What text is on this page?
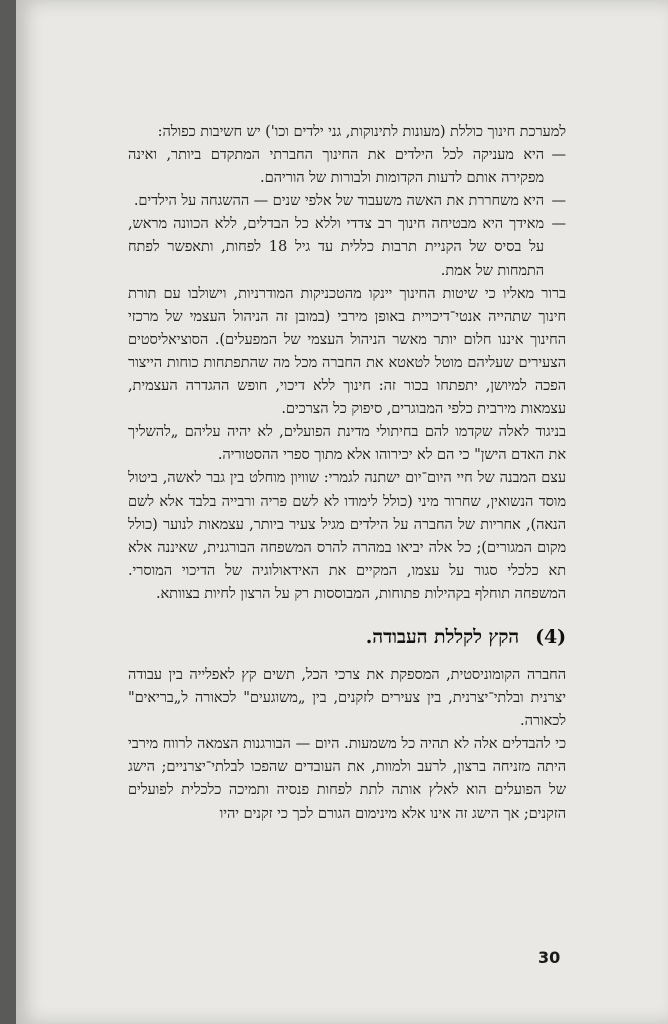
למערכת חינוך כוללת (מעונות לתינוקות, גני ילדים וכו') יש חשיבות כפולה:

—
היא מעניקה לכל הילדים את החינוך החברתי המתקדם ביותר, ואינה מפקירה אותם לדעות הקדומות ולבורות של הוריהם.

—
היא משחררת את האשה משעבוד של אלפי שנים — ההשגחה על הילדים.

—
מאידך היא מבטיחה חינוך רב צדדי וללא כל הבדלים, ללא הכוונה מראש, על בסיס של הקניית תרבות כללית עד גיל 18 לפחות, ותאפשר לפתח התמחות של אמת.

ברור מאליו כי שיטות החינוך יינקו מהטכניקות המודרניות, וישולבו עם תורת חינוך שתהייה אנטי־דיכויית באופן מירבי (במובן זה הניהול העצמי של מרכזי החינוך איננו חלום יותר מאשר הניהול העצמי של המפעלים). הסוציאליסטים הצעירים שעליהם מוטל לטאטא את החברה מכל מה שהתפתחות כוחות הייצור הפכה למיושן, יתפתחו בכור זה: חינוך ללא דיכוי, חופש ההגדרה העצמית, עצמאות מירבית כלפי המבוגרים, סיפוק כל הצרכים.

בניגוד לאלה שקדמו להם בחיתולי מדינת הפועלים, לא יהיה עליהם „להשליך את האדם הישן" כי הם לא יכירוהו אלא מתוך ספרי ההסטוריה.

עצם המבנה של חיי היום־יום ישתנה לגמרי: שוויון מוחלט בין גבר לאשה, ביטול מוסד הנשואין, שחרור מיני (כולל לימודו לא לשם פריה ורבייה בלבד אלא לשם הנאה), אחריות של החברה על הילדים מגיל צעיר ביותר, עצמאות לנוער (כולל מקום המגורים); כל אלה יביאו במהרה להרס המשפחה הבורגנית, שאיננה אלא תא כלכלי סגור על עצמו, המקיים את האידאולוגיה של הדיכוי המוסרי. המשפחה תוחלף בקהילות פתוחות, המבוססות רק על הרצון לחיות בצוותא.

(4)הקץ לקללת העבודה.

החברה הקומוניסטית, המספקת את צרכי הכל, תשים קץ לאפלייה בין עבודה יצרנית ובלתי־יצרנית, בין צעירים לזקנים, בין „משוגעים" לכאורה ל„בריאים" לכאורה.

כי להבדלים אלה לא תהיה כל משמעות. היום — הבורגנות הצמאה לרווח מירבי היתה מזניחה ברצון, לרעב ולמוות, את העובדים שהפכו לבלתי־יצרניים; הישג של הפועלים הוא לאלץ אותה לתת לפחות פנסיה ותמיכה כלכלית לפועלים הזקנים; אך הישג זה אינו אלא מינימום הגורם לכך כי זקנים יהיו

30
